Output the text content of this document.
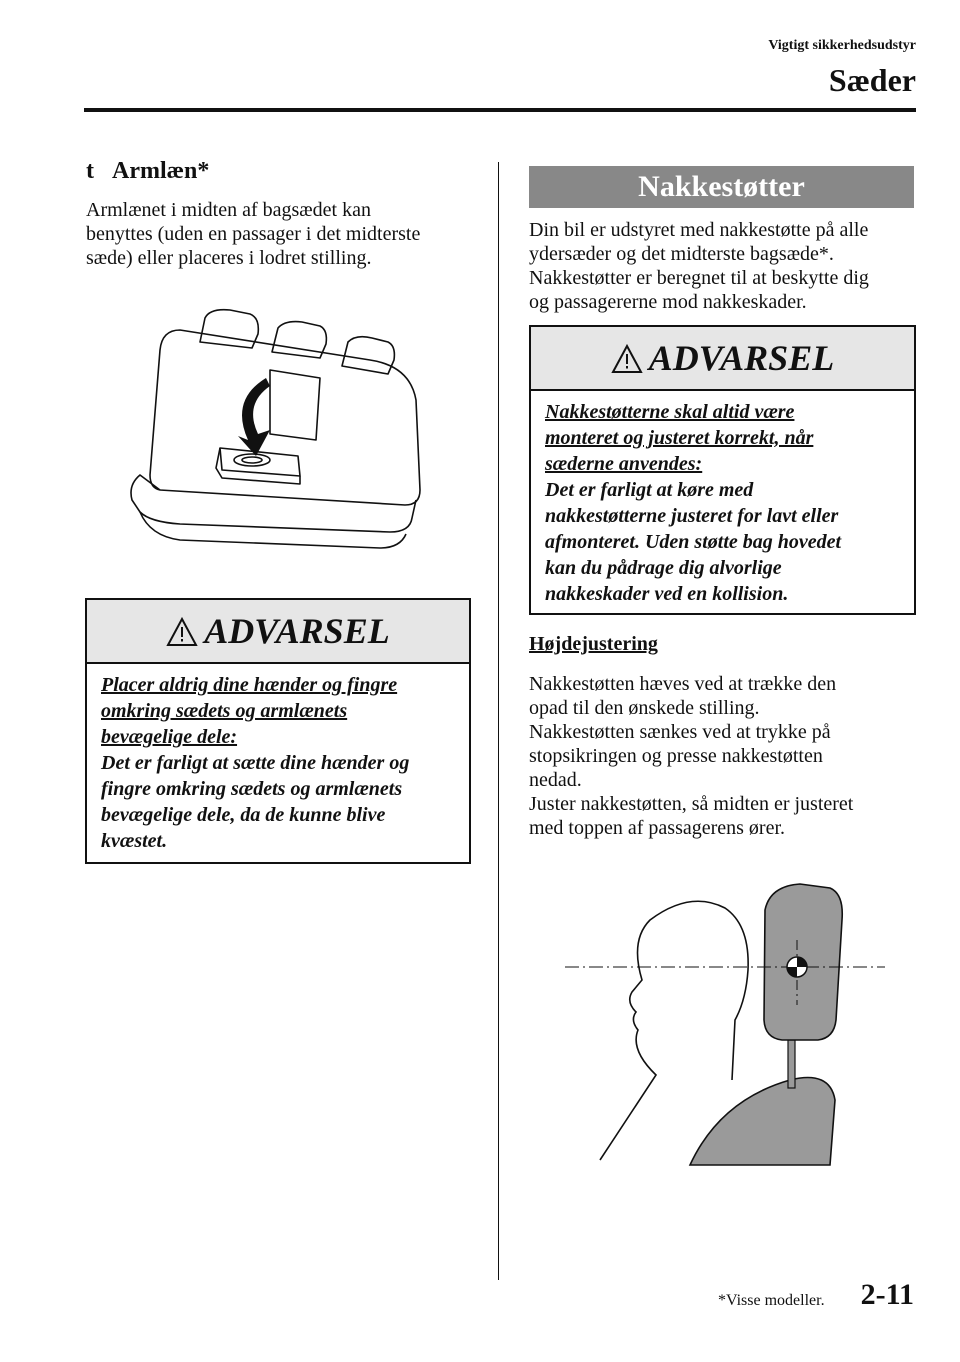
Vigtigt sikkerhedsudstyr
Sæder
t Armlæn*
Armlænet i midten af bagsædet kan
benyttes (uden en passager i det midterste
sæde) eller placeres i lodret stilling.
ADVARSEL
Placer aldrig dine hænder og fingre
omkring sædets og armlænets
bevægelige dele:
Det er farligt at sætte dine hænder og
fingre omkring sædets og armlænets
bevægelige dele, da de kunne blive
kvæstet.
Nakkestøtter
Din bil er udstyret med nakkestøtte på alle
ydersæder og det midterste bagsæde*.
Nakkestøtter er beregnet til at beskytte dig
og passagererne mod nakkeskader.
ADVARSEL
Nakkestøtterne skal altid være
monteret og justeret korrekt, når
sæderne anvendes:
Det er farligt at køre med
nakkestøtterne justeret for lavt eller
afmonteret. Uden støtte bag hovedet
kan du pådrage dig alvorlige
nakkeskader ved en kollision.
Højdejustering
Nakkestøtten hæves ved at trække den
opad til den ønskede stilling.
Nakkestøtten sænkes ved at trykke på
stopsikringen og presse nakkestøtten
nedad.
Juster nakkestøtten, så midten er justeret
med toppen af passagerens ører.
*Visse modeller. 2-11
